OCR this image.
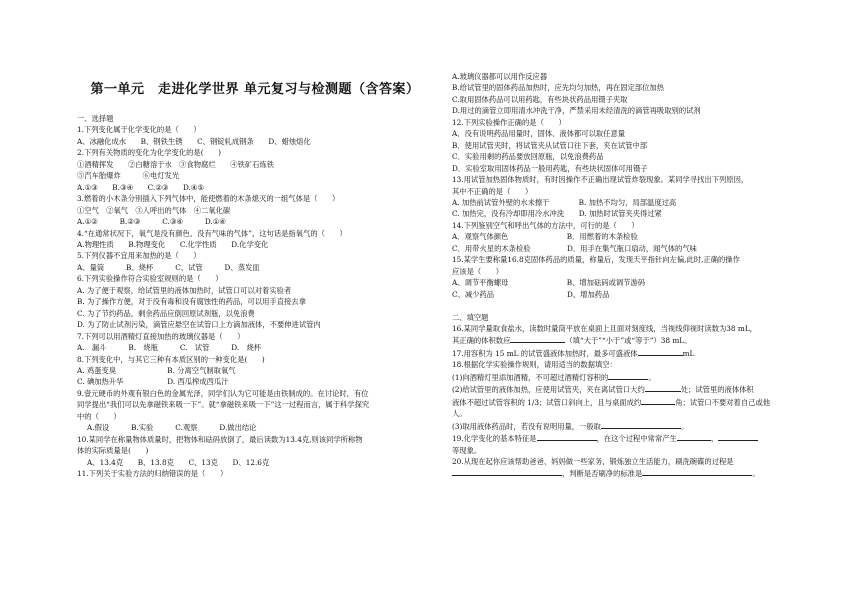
第一单元　走进化学世界 单元复习与检测题（含答案）
一、选择题
1.下列变化属于化学变化的是（　　）
A、冰融化成水　　B、钢铁生锈　　C、钢锭轧成钢条　　D、蜡烛熔化
2.下列有关物质的变化为化学变化的是(　　)
①酒精挥发　　②白糖溶于水　③食物腐烂　　④铁矿石炼铁
⑤汽车胎爆炸　　　⑥电灯发光
A.①③　　B.③④　　C.②③　　D.④⑤
3.燃着的小木条分别插入下列气体中，能使燃着的木条熄灭的一组气体是（　　）
①空气　②氧气　③人呼出的气体　④二氧化碳
A.①②　　　B.②③　　　C.③④　　　D.①④
4.“在通常状况下，氧气是没有颜色、没有气味的气体”，这句话是指氧气的（　　）
A.物理性质　　B.物理变化　　C.化学性质　　D.化学变化
5.下列仪器不宜用来加热的是（　　）
A、量筒　　　B、烧杯　　　C、试管　　　D、蒸发皿
6.下列实验操作符合实验室规则的是（　　）
A. 为了便于观察，给试管里的液体加热时，试管口可以对着实验者
B. 为了操作方便，对于没有毒和没有腐蚀性的药品，可以用手直接去拿
C. 为了节约药品，剩余药品应倒回原试剂瓶，以免浪费
D. 为了防止试剂污染，滴管应悬空在试管口上方滴加液体，不要伸进试管内
7.下列可以用酒精灯直接加热的玻璃仪器是（　　）
A.　漏斗　　　B.　烧瓶　　　C.　试管　　　D.　烧杯
8.下列变化中，与其它三种有本质区别的一种变化是(　　)
A. 鸡蛋变臭　　　　　　　B. 分离空气制取氧气
C. 碘加热升华　　　　　　D. 西瓜榨成西瓜汁
9.壹元硬币的外观有银白色的金属光泽，同学们认为它可能是由铁制成的。在讨论时，有位
同学提出“我们可以先拿磁铁来吸一下”。就“拿磁铁来吸一下”这一过程而言，属于科学探究
中的（　　）
A.假设　　　B.实验　　　C.观察　　　D.做出结论
10.某同学在称量物体质量时，把物体和砝码放倒了，最后读数为13.4克,则该同学所称物
体的实际质量是(　　)
A、13.4克　　B、13.8克　　C、13克　　D、12.6克
11.下列关于实验方法的归纳错误的是（　　）
A.玻璃仪器都可以用作反应器
B.给试管里的固体药品加热时，应先均匀加热，再在固定部位加热
C.取用固体药品可以用药匙，有些块状药品用镊子夹取
D.用过的滴管立即用清水冲洗干净，严禁采用未经清洗的滴管再吸取别的试剂
12.下列实验操作正确的是（　　）
A．没有说明药品用量时，固体、液体都可以取任意量
B．使用试管夹时，将试管夹从试管口往下套，夹在试管中部
C．实验用剩的药品要放回原瓶，以免浪费药品
D．实验室取用固体药品一般用药匙，有些块状固体可用镊子
13.用试管加热固体物质时，有时因操作不正确出现试管炸裂现象。某同学寻找出下列原因，
其中不正确的是（　　）
A. 加热前试管外壁的水未擦干　　　　B. 加热不均匀，局部温度过高
C. 加热完，没有冷却即用冷水冲洗　　D. 加热时试管夹夹得过紧
14.下列鉴别空气和呼出气体的方法中，可行的是（　　）
A．观察气体颜色　　　　　　　　B．用燃着的木条检验
C．用带火星的木条检验　　　　　D．用手在集气瓶口扇动，闻气体的气味
15.某学生要称量16.8克固体药品的质量，称量后，发现天平指针向左偏,此时,正确的操作
应该是（　　）
A、调节平衡螺母　　　　　　　　B、增加砝码或调节游码
C、减少药品　　　　　　　　　　D、增加药品

二、填空题
16.某同学量取食盐水，读数时量筒平放在桌面上且面对刻度线，当视线仰视时读数为38 mL，
其正确的体积数应	（填“大于”“小于”或“等于”）38 mL。
17.用容积为 15 mL 的试管盛液体加热时，最多可盛液体	mL
18.根据化学实验操作规则，请用适当的数据填空：
(1)向酒精灯里添加酒精，不可超过酒精灯容积的	。
(2)给试管里的液体加热，应使用试管夹，夹在离试管口大约	处；试管里的液体体积
液体不超过试管容积的 1/3；试管口斜向上，且与桌面成约	角；试管口不要对着自己或他
人。
(3)取用液体药品时，若没有说明用量，一般取	。
19.化学变化的基本特征是	，在这个过程中常常产生	、
等现象。
20.从现在起你应该帮助爸爸、妈妈做一些家务，锻炼独立生活能力，刷洗碗碟的过程是
，判断是否刷净的标准是	。
